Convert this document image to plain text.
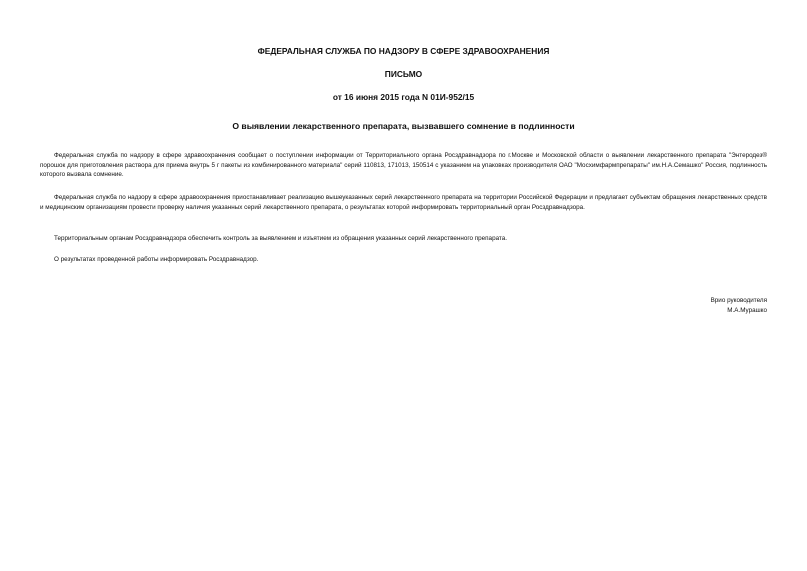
ФЕДЕРАЛЬНАЯ СЛУЖБА ПО НАДЗОРУ В СФЕРЕ ЗДРАВООХРАНЕНИЯ
ПИСЬМО
от 16 июня 2015 года N 01И-952/15
О выявлении лекарственного препарата, вызвавшего сомнение в подлинности

Федеральная служба по надзору в сфере здравоохранения сообщает о поступлении информации от Территориального органа Росздравнадзора по г.Москве и Московской области о выявлении лекарственного препарата "Энтеродез® порошок для приготовления раствора для приема внутрь 5 г пакеты из комбинированного материала" серий 110813, 171013, 150514 с указанием на упаковках производителя ОАО "Мосхимфармпрепараты" им.Н.А.Семашко" Россия, подлинность которого вызвала сомнение.

Федеральная служба по надзору в сфере здравоохранения приостанавливает реализацию вышеуказанных серий лекарственного препарата на территории Российской Федерации и предлагает субъектам обращения лекарственных средств и медицинским организациям провести проверку наличия указанных серий лекарственного препарата, о результатах которой информировать территориальный орган Росздравнадзора.

Территориальным органам Росздравнадзора обеспечить контроль за выявлением и изъятием из обращения указанных серий лекарственного препарата.

О результатах проведенной работы информировать Росздравнадзор.

Врио руководителя
М.А.Мурашко
